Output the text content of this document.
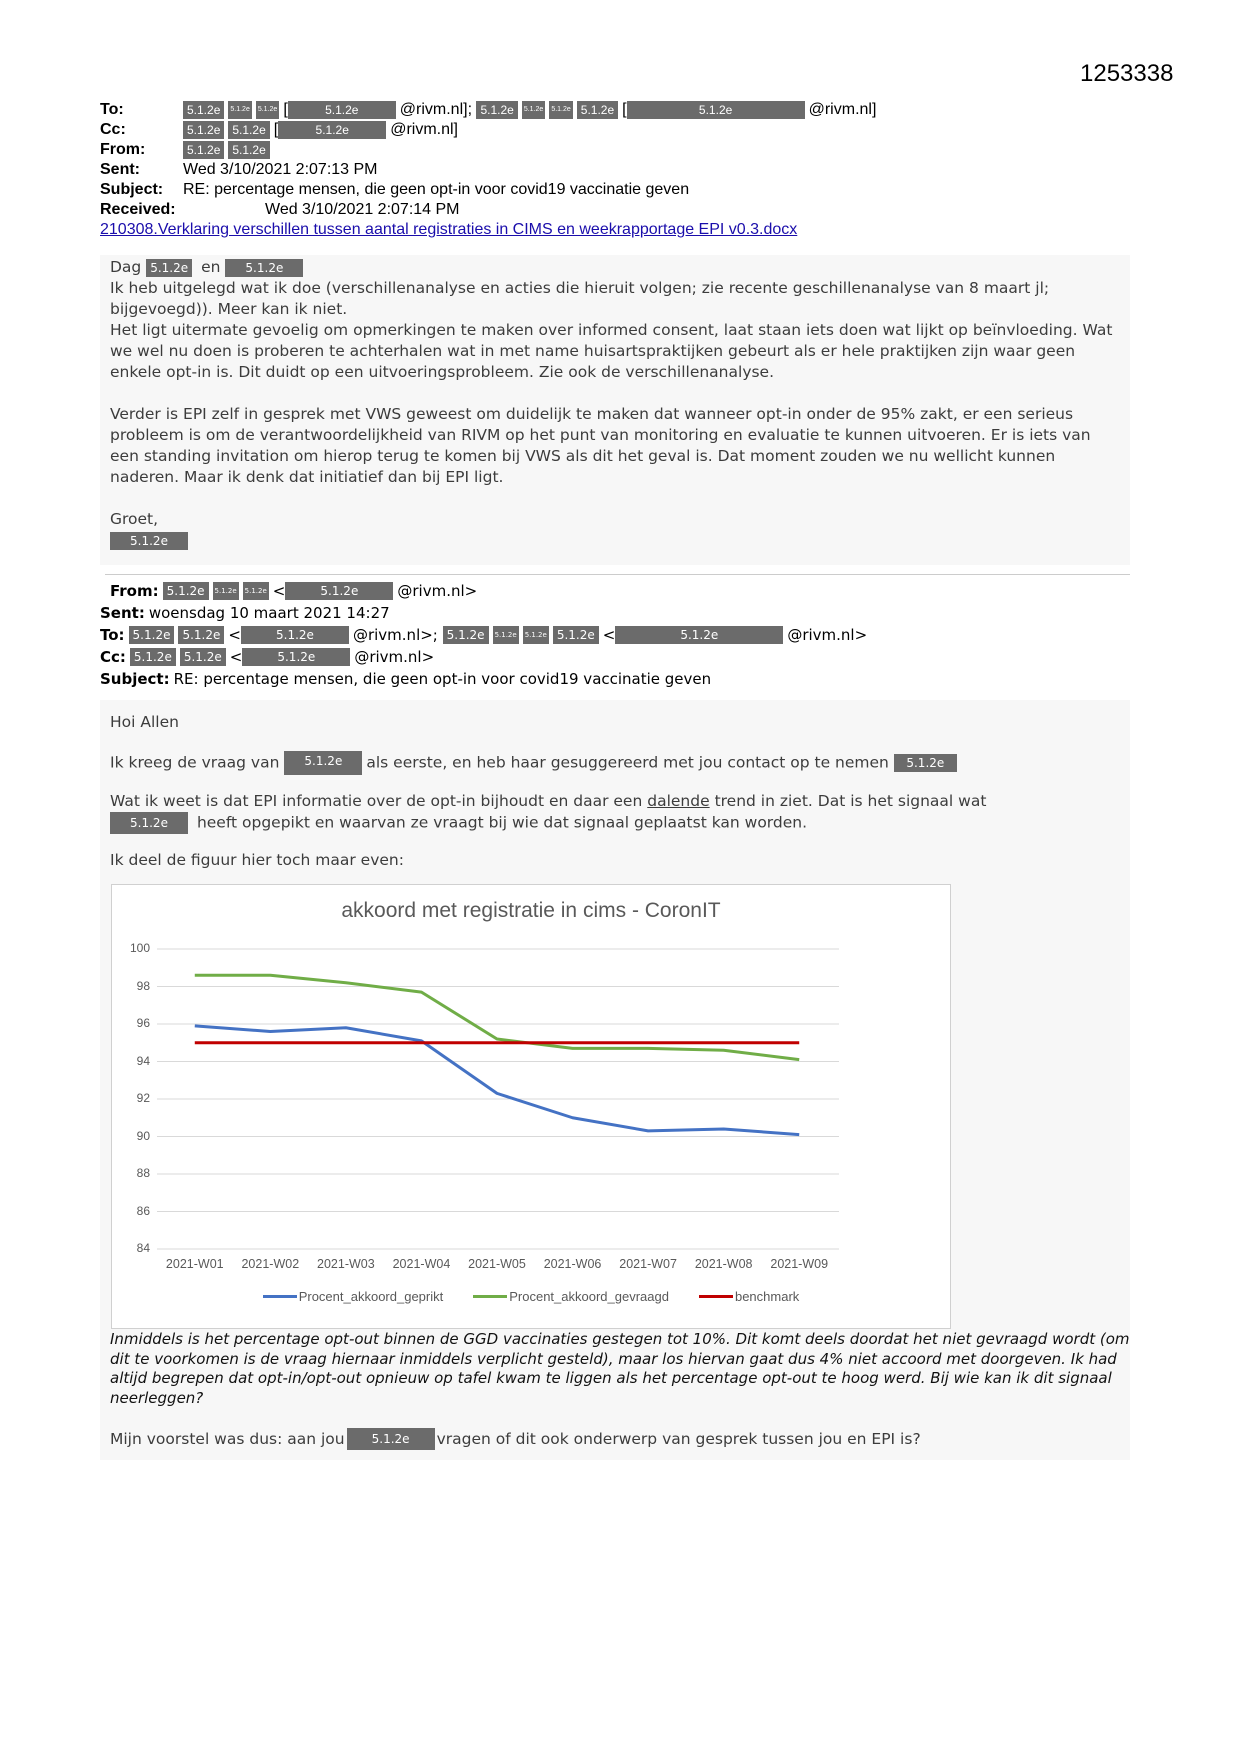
1253338
To:	5.1.2e	5.1.2e 5.1.2e [	5.1.2e	@rivm.nl];
5.1.2e	5.1.2e 5.1.2e 5.1.2e [	5.1.2e	@rivm.nl]
Cc:	5.1.2e	5.1.2e [	5.1.2e	@rivm.nl]
From:	5.1.2e	5.1.2e
Sent:	Wed 3/10/2021 2:07:13 PM
Subject:	RE: percentage mensen, die geen opt-in voor covid19 vaccinatie geven
Received:	Wed 3/10/2021 2:07:14 PM
210308.Verklaring verschillen tussen aantal registraties in CIMS en weekrapportage EPI v0.3.docx

Dag 5.1.2e en 5.1.2e

Ik heb uitgelegd wat ik doe (verschillenanalyse en acties die hieruit volgen; zie recente geschillenanalyse van 8 maart jl; bijgevoegd)). Meer kan ik niet.

Het ligt uitermate gevoelig om opmerkingen te maken over informed consent, laat staan iets doen wat lijkt op beïnvloeding. Wat we wel nu doen is proberen te achterhalen wat in met name huisartspraktijken gebeurt als er hele praktijken zijn waar geen enkele opt-in is. Dit duidt op een uitvoeringsprobleem. Zie ook de verschillenanalyse.

Verder is EPI zelf in gesprek met VWS geweest om duidelijk te maken dat wanneer opt-in onder de 95% zakt, er een serieus probleem is om de verantwoordelijkheid van RIVM op het punt van monitoring en evaluatie te kunnen uitvoeren. Er is iets van een standing invitation om hierop terug te komen bij VWS als dit het geval is. Dat moment zouden we nu wellicht kunnen naderen. Maar ik denk dat initiatief dan bij EPI ligt.

Groet,

5.1.2e

From: 5.1.2e	5.1.2e 5.1.2e <	5.1.2e	@rivm.nl>
Sent: woensdag 10 maart 2021 14:27
To: 5.1.2e	5.1.2e <	5.1.2e	@rivm.nl>;
5.1.2e	5.1.2e 5.1.2e 5.1.2e <	5.1.2e	@rivm.nl>
Cc: 5.1.2e	5.1.2e <	5.1.2e	@rivm.nl>
Subject: RE: percentage mensen, die geen opt-in voor covid19 vaccinatie geven

Hoi Allen

Ik kreeg de vraag van 5.1.2e als eerste, en heb haar gesuggereerd met jou contact op te nemen 5.1.2e

Wat ik weet is dat EPI informatie over de opt-in bijhoudt en daar een dalende trend in ziet. Dat is het signaal wat
5.1.2e heeft opgepikt en waarvan ze vraagt bij wie dat signaal geplaatst kan worden.

Ik deel de figuur hier toch maar even:

akkoord met registratie in cims - CoronIT
100
98
96
94
92
90
88
86
84
2021-W01	2021-W02	2021-W03	2021-W04	2021-W05	2021-W06	2021-W07	2021-W08	2021-W09
Procent_akkoord_geprikt	Procent_akkoord_gevraagd	benchmark
Inmiddels is het percentage opt-out binnen de GGD vaccinaties gestegen tot 10%. Dit komt deels doordat het niet gevraagd wordt (om dit te voorkomen is de vraag hiernaar inmiddels verplicht gesteld), maar los hiervan gaat dus 4% niet accoord met doorgeven. Ik had altijd begrepen dat opt-in/opt-out opnieuw op tafel kwam te liggen als het percentage opt-out te hoog werd. Bij wie kan ik dit signaal neerleggen?
Mijn voorstel was dus: aan jou	5.1.2e	vragen of dit ook onderwerp van gesprek tussen jou en EPI is?
